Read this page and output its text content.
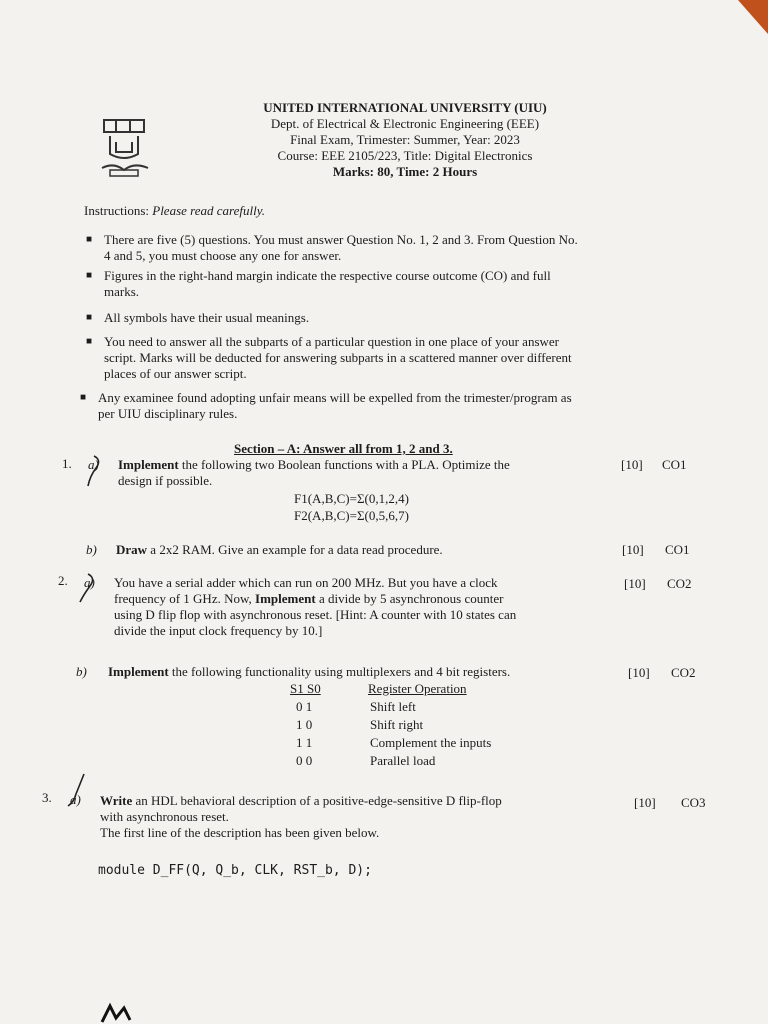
UNITED INTERNATIONAL UNIVERSITY (UIU)
Dept. of Electrical & Electronic Engineering (EEE)
Final Exam, Trimester: Summer, Year: 2023
Course: EEE 2105/223, Title: Digital Electronics
Marks: 80, Time: 2 Hours
Instructions: Please read carefully.
■ There are five (5) questions. You must answer Question No. 1, 2 and 3. From Question No.
4 and 5, you must choose any one for answer.
■ Figures in the right-hand margin indicate the respective course outcome (CO) and full
marks.
■ All symbols have their usual meanings.
■ You need to answer all the subparts of a particular question in one place of your answer
script. Marks will be deducted for answering subparts in a scattered manner over different
places of our answer script.
■ Any examinee found adopting unfair means will be expelled from the trimester/program as
per UIU disciplinary rules.
Section – A: Answer all from 1, 2 and 3.
1. a) Implement the following two Boolean functions with a PLA. Optimize the
design if possible.
[10] CO1
F1(A,B,C)=Σ(0,1,2,4)
F2(A,B,C)=Σ(0,5,6,7)
b) Draw a 2x2 RAM. Give an example for a data read procedure.	[10] CO1
2. a) You have a serial adder which can run on 200 MHz. But you have a clock
frequency of 1 GHz. Now, Implement a divide by 5 asynchronous counter
using D flip flop with asynchronous reset. [Hint: A counter with 10 states can
divide the input clock frequency by 10.]
[10] CO2
b) Implement the following functionality using multiplexers and 4 bit registers.	[10] CO2
S1 S0	Register Operation
0 1	Shift left
1 0	Shift right
1 1	Complement the inputs
0 0	Parallel load
3. a) Write an HDL behavioral description of a positive-edge-sensitive D flip-flop
with asynchronous reset.
The first line of the description has been given below.
[10] CO3
module D_FF(Q, Q_b, CLK, RST_b, D);
